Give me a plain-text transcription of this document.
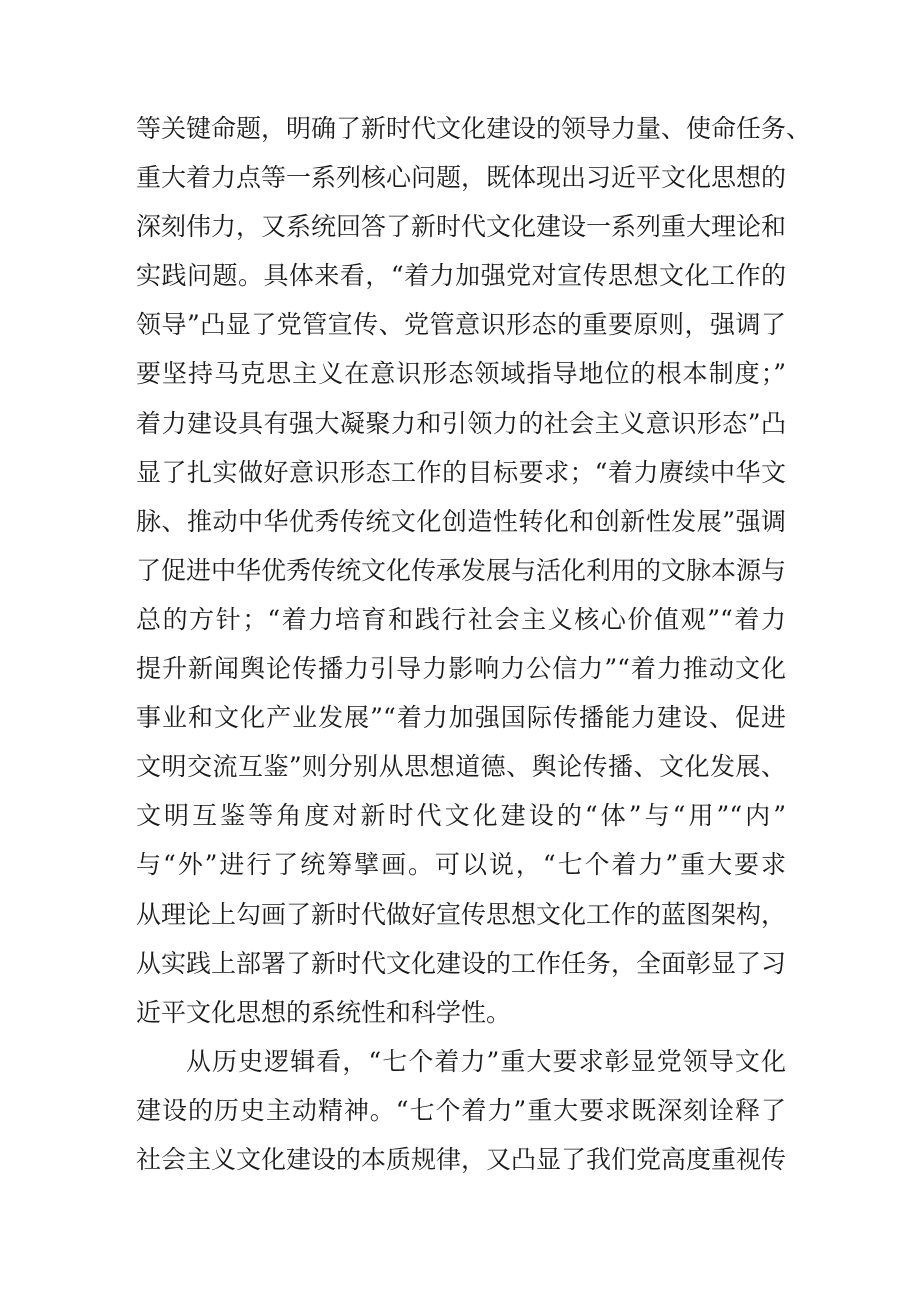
等关键命题，明确了新时代文化建设的领导力量、使命任务、
重大着力点等一系列核心问题，既体现出习近平文化思想的
深刻伟力，又系统回答了新时代文化建设一系列重大理论和
实践问题。具体来看，“着力加强党对宣传思想文化工作的
领导”凸显了党管宣传、党管意识形态的重要原则，强调了
要坚持马克思主义在意识形态领域指导地位的根本制度；”
着力建设具有强大凝聚力和引领力的社会主义意识形态”凸
显了扎实做好意识形态工作的目标要求；“着力赓续中华文
脉、推动中华优秀传统文化创造性转化和创新性发展”强调
了促进中华优秀传统文化传承发展与活化利用的文脉本源与
总的方针；“着力培育和践行社会主义核心价值观”“着力
提升新闻舆论传播力引导力影响力公信力”“着力推动文化
事业和文化产业发展”“着力加强国际传播能力建设、促进
文明交流互鉴”则分别从思想道德、舆论传播、文化发展、
文明互鉴等角度对新时代文化建设的“体”与“用”“内”
与“外”进行了统筹擘画。可以说，“七个着力”重大要求
从理论上勾画了新时代做好宣传思想文化工作的蓝图架构，
从实践上部署了新时代文化建设的工作任务，全面彰显了习
近平文化思想的系统性和科学性。
从历史逻辑看，“七个着力”重大要求彰显党领导文化
建设的历史主动精神。“七个着力”重大要求既深刻诠释了
社会主义文化建设的本质规律，又凸显了我们党高度重视传
